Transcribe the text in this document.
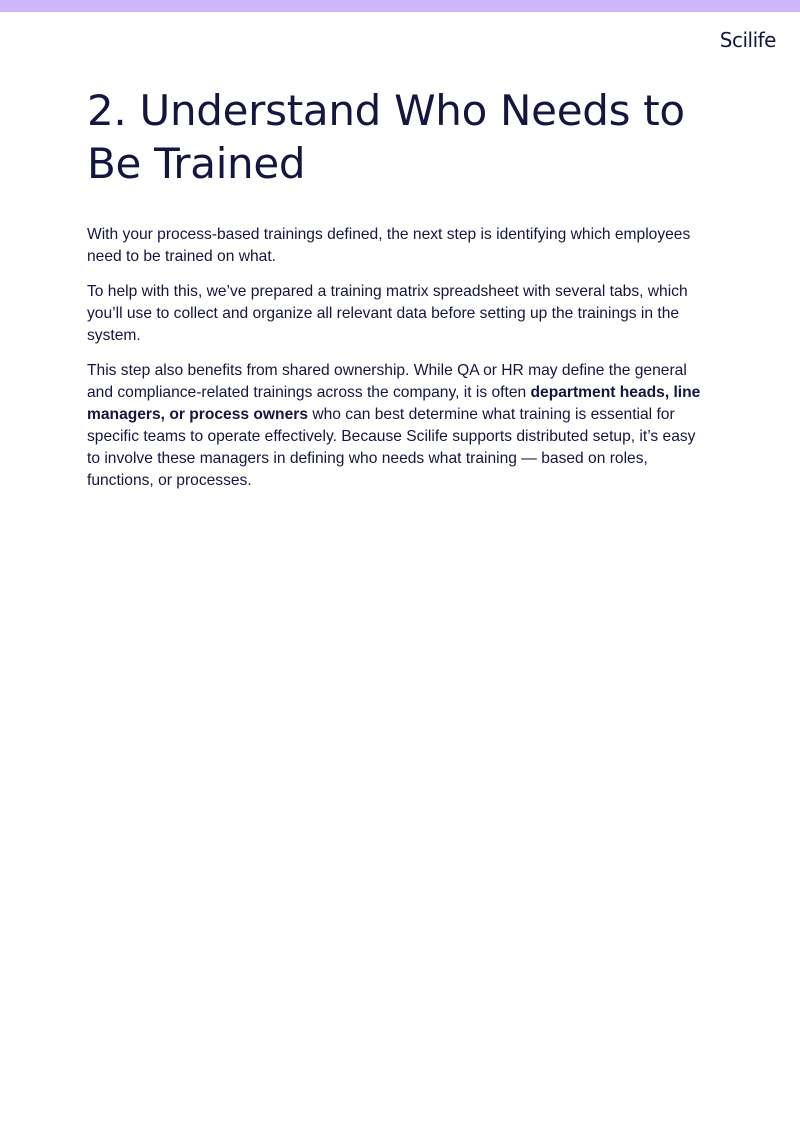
Scilife
2. Understand Who Needs to Be Trained

With your process-based trainings defined, the next step is identifying which employees need to be trained on what.

To help with this, we’ve prepared a training matrix spreadsheet with several tabs, which you’ll use to collect and organize all relevant data before setting up the trainings in the system.

This step also benefits from shared ownership. While QA or HR may define the general and compliance-related trainings across the company, it is often department heads, line managers, or process owners who can best determine what training is essential for specific teams to operate effectively. Because Scilife supports distributed setup, it’s easy to involve these managers in defining who needs what training — based on roles, functions, or processes.
